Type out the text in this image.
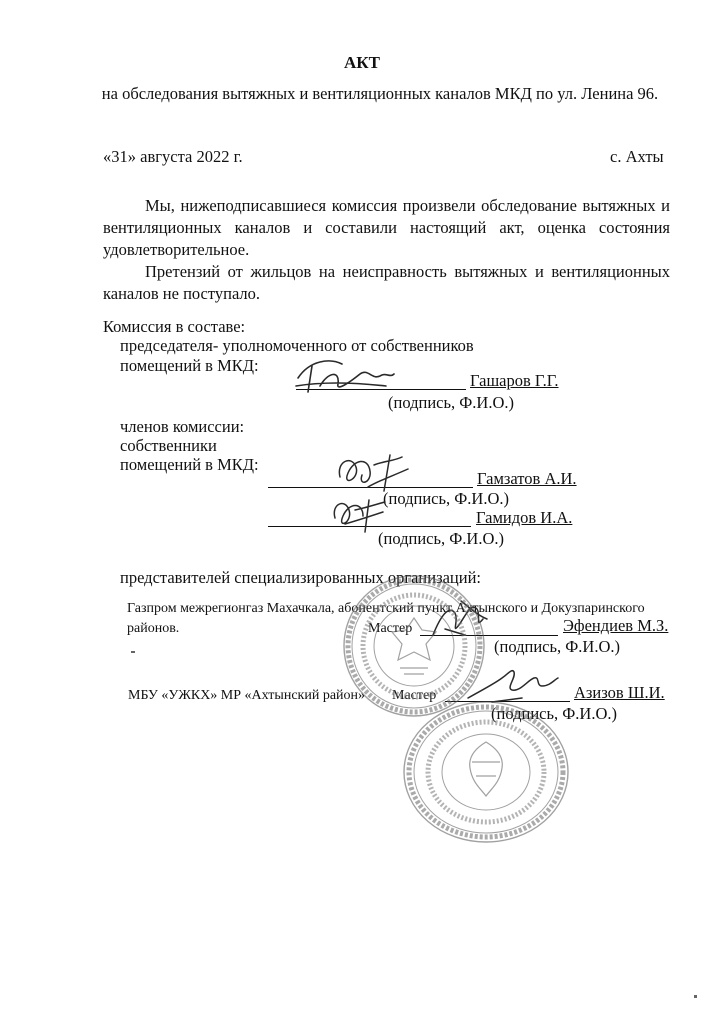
АКТ
на обследования вытяжных и вентиляционных каналов МКД по ул. Ленина 96.
«31» августа 2022 г.	с. Ахты
Мы, нижеподписавшиеся комиссия произвели обследование вытяжных и вентиляционных каналов и составили настоящий акт, оценка состояния удовлетворительное.
Претензий от жильцов на неисправность вытяжных и вентиляционных каналов не поступало.
Комиссия в составе:
председателя- уполномоченного от собственников
помещений в МКД:
Гашаров Г.Г.
(подпись, Ф.И.О.)
членов комиссии:
собственники
помещений в МКД:
Гамзатов А.И.
(подпись, Ф.И.О.)
Гамидов И.А.
(подпись, Ф.И.О.)
представителей специализированных организаций:
Газпром межрегионгаз Махачкала, абонентский пункт Ахтынского и Докузпаринского
районов.	Мастер	Эфендиев М.З.
(подпись, Ф.И.О.)
МБУ «УЖКХ» МР «Ахтынский район» Мастер	Азизов Ш.И.
(подпись, Ф.И.О.)
